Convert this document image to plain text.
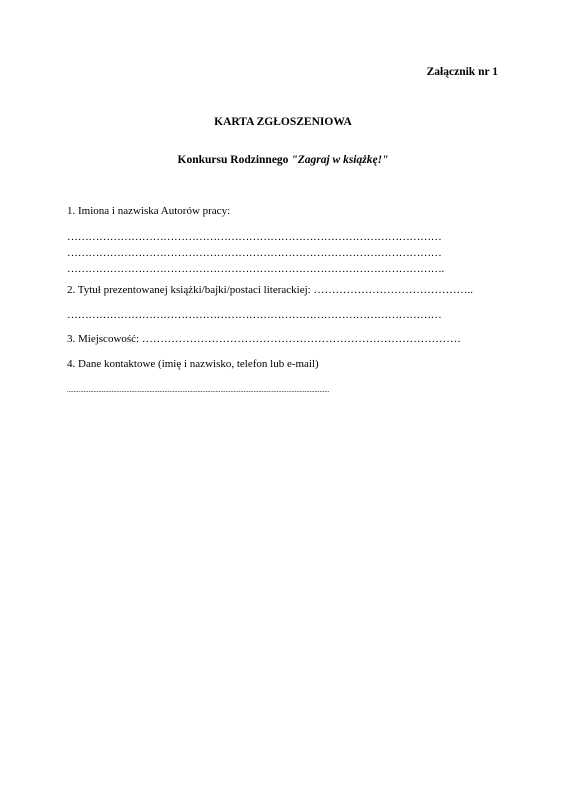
Załącznik nr 1
KARTA ZGŁOSZENIOWA
Konkursu Rodzinnego "Zagraj w książkę!"
1. Imiona i nazwiska Autorów pracy:
……………………………………………………………………………………………
……………………………………………………………………………………………
…………………………………………………………………………………………….
2. Tytuł prezentowanej książki/bajki/postaci literackiej: ……………………………………..
……………………………………………………………………………………………
3. Miejscowość: ……………………………………………………………………………
4. Dane kontaktowe (imię i nazwisko, telefon lub e-mail)
...............................................................................................................................................................
